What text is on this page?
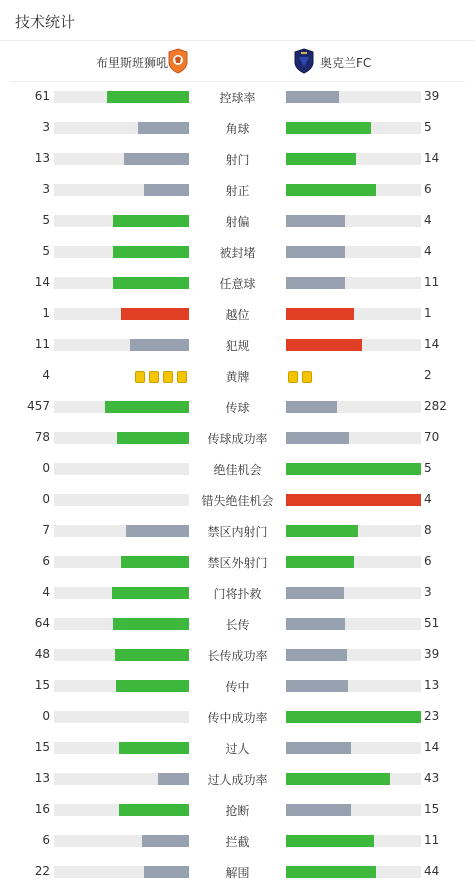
技术统计
布里斯班狮吼	奥克兰FC
61	控球率	39
3	角球	5
13	射门	14
3	射正	6
5	射偏	4
5	被封堵	4
14	任意球	11
1	越位	1
11	犯规	14
4	黄牌	2
457	传球	282
78	传球成功率	70
0	绝佳机会	5
0	错失绝佳机会	4
7	禁区内射门	8
6	禁区外射门	6
4	门将扑救	3
64	长传	51
48	长传成功率	39
15	传中	13
0	传中成功率	23
15	过人	14
13	过人成功率	43
16	抢断	15
6	拦截	11
22	解围	44
